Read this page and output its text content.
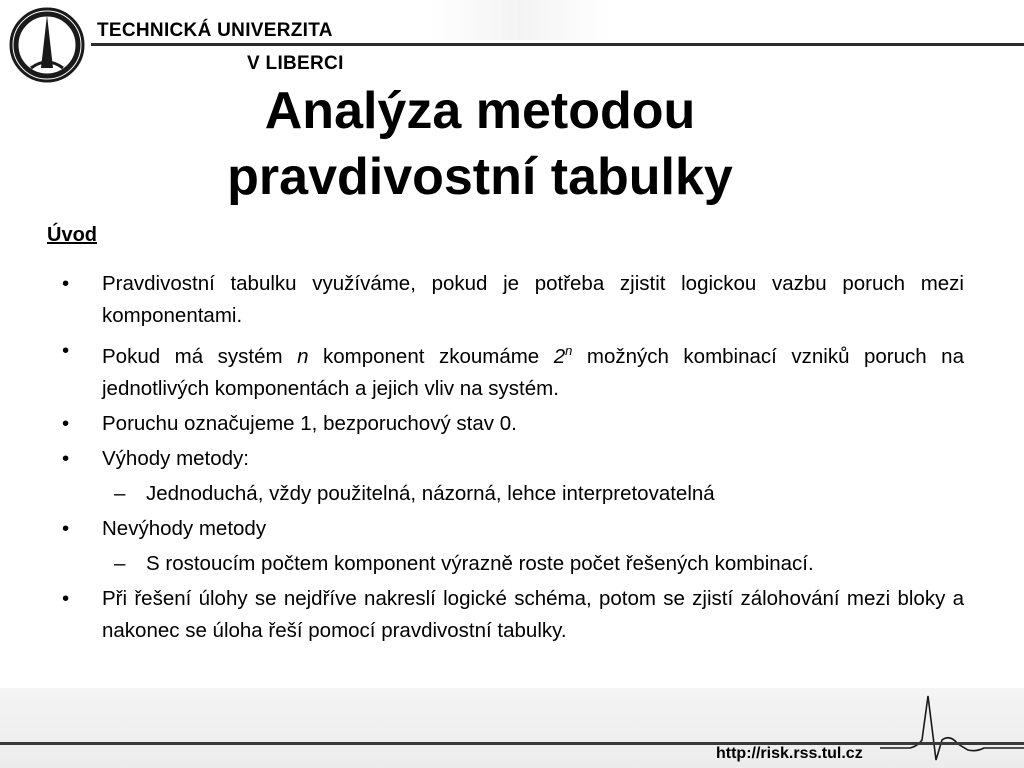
TECHNICKÁ UNIVERZITA
V LIBERCI
Analýza metodou
pravdivostní tabulky
Úvod
• Pravdivostní tabulku využíváme, pokud je potřeba zjistit logickou vazbu poruch mezi komponentami.
• Pokud má systém n komponent zkoumáme 2$^n$ možných kombinací vzniků poruch na jednotlivých komponentách a jejich vliv na systém.
• Poruchu označujeme 1, bezporuchový stav 0.
• Výhody metody:
– Jednoduchá, vždy použitelná, názorná, lehce interpretovatelná
• Nevýhody metody
– S rostoucím počtem komponent výrazně roste počet řešených kombinací.
• Při řešení úlohy se nejdříve nakreslí logické schéma, potom se zjistí zálohování mezi bloky a nakonec se úloha řeší pomocí pravdivostní tabulky.
http://risk.rss.tul.cz
